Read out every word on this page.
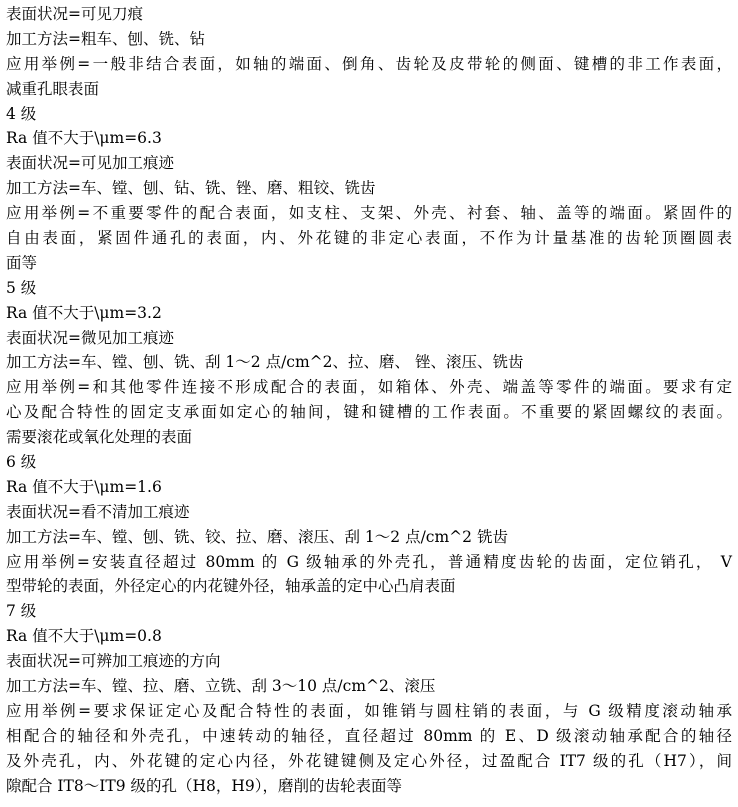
表面状况=可见刀痕
加工方法=粗车、刨、铣、钻
应用举例=一般非结合表面，如轴的端面、倒角、齿轮及皮带轮的侧面、键槽的非工作表面，
减重孔眼表面
4 级
Ra 值不大于\μm=6.3
表面状况=可见加工痕迹
加工方法=车、镗、刨、钻、铣、锉、磨、粗铰、铣齿
应用举例=不重要零件的配合表面，如支柱、支架、外壳、衬套、轴、盖等的端面。紧固件的
自由表面，紧固件通孔的表面，内、外花键的非定心表面，不作为计量基准的齿轮顶圈圆表
面等
5 级
Ra 值不大于\μm=3.2
表面状况=微见加工痕迹
加工方法=车、镗、刨、铣、刮 1～2 点/cm^2、拉、磨、 锉、滚压、铣齿
应用举例=和其他零件连接不形成配合的表面，如箱体、外壳、端盖等零件的端面。要求有定
心及配合特性的固定支承面如定心的轴间，键和键槽的工作表面。不重要的紧固螺纹的表面。
需要滚花或氧化处理的表面
6 级
Ra 值不大于\μm=1.6
表面状况=看不清加工痕迹
加工方法=车、镗、刨、铣、铰、拉、磨、滚压、刮 1～2 点/cm^2 铣齿
应用举例=安装直径超过 80mm 的 G 级轴承的外壳孔，普通精度齿轮的齿面，定位销孔， V
型带轮的表面，外径定心的内花键外径，轴承盖的定中心凸肩表面
7 级
Ra 值不大于\μm=0.8
表面状况=可辨加工痕迹的方向
加工方法=车、镗、拉、磨、立铣、刮 3～10 点/cm^2、滚压
应用举例=要求保证定心及配合特性的表面，如锥销与圆柱销的表面，与 G 级精度滚动轴承
相配合的轴径和外壳孔，中速转动的轴径，直径超过 80mm 的 E、D 级滚动轴承配合的轴径
及外壳孔，内、外花键的定心内径，外花键键侧及定心外径，过盈配合 IT7 级的孔（H7），间
隙配合 IT8～IT9 级的孔（H8，H9），磨削的齿轮表面等
